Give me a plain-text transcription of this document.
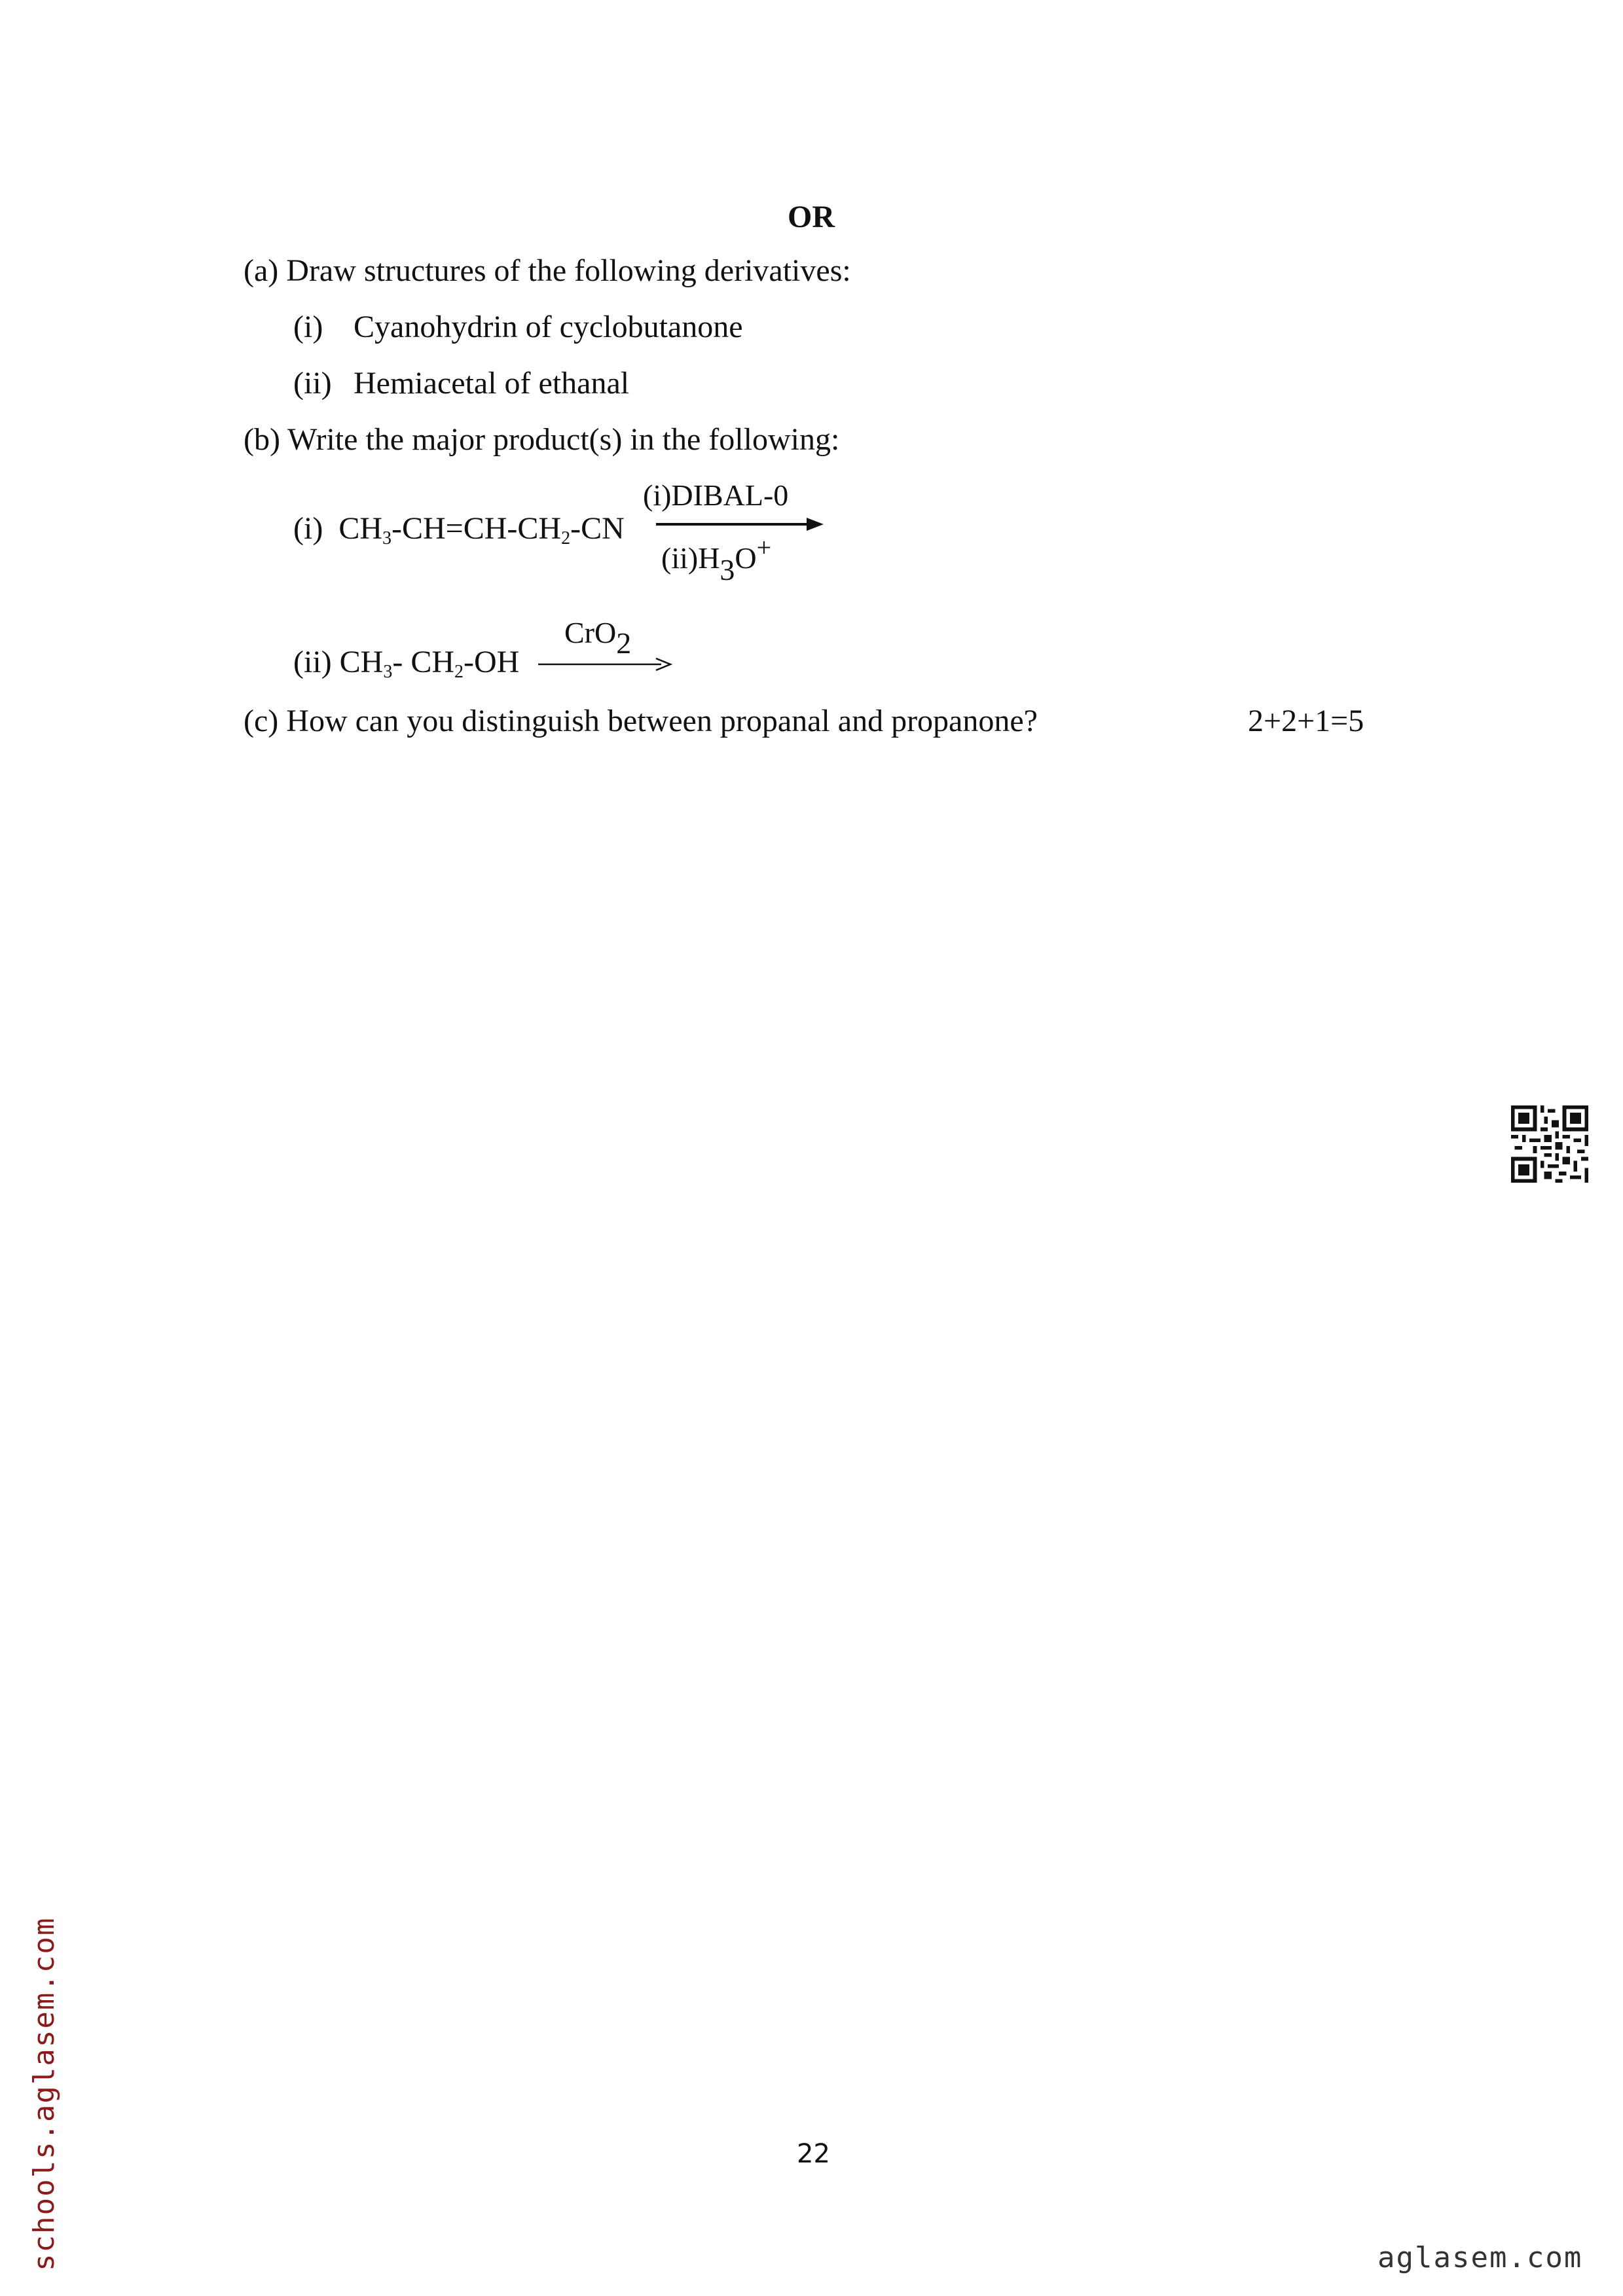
OR
(a) Draw structures of the following derivatives:
(i) Cyanohydrin of cyclobutanone
(ii) Hemiacetal of ethanal
(b) Write the major product(s) in the following:
(i) $CH_3-CH=CH-CH_2-CN$
(i)DIBAL-0
(ii)H3O+
(ii) $CH_3-$ $CH_2-OH$
CrO2
(c) How can you distinguish between propanal and propanone?	2+2+1=5
22
schools.aglasem.com	aglasem.com
